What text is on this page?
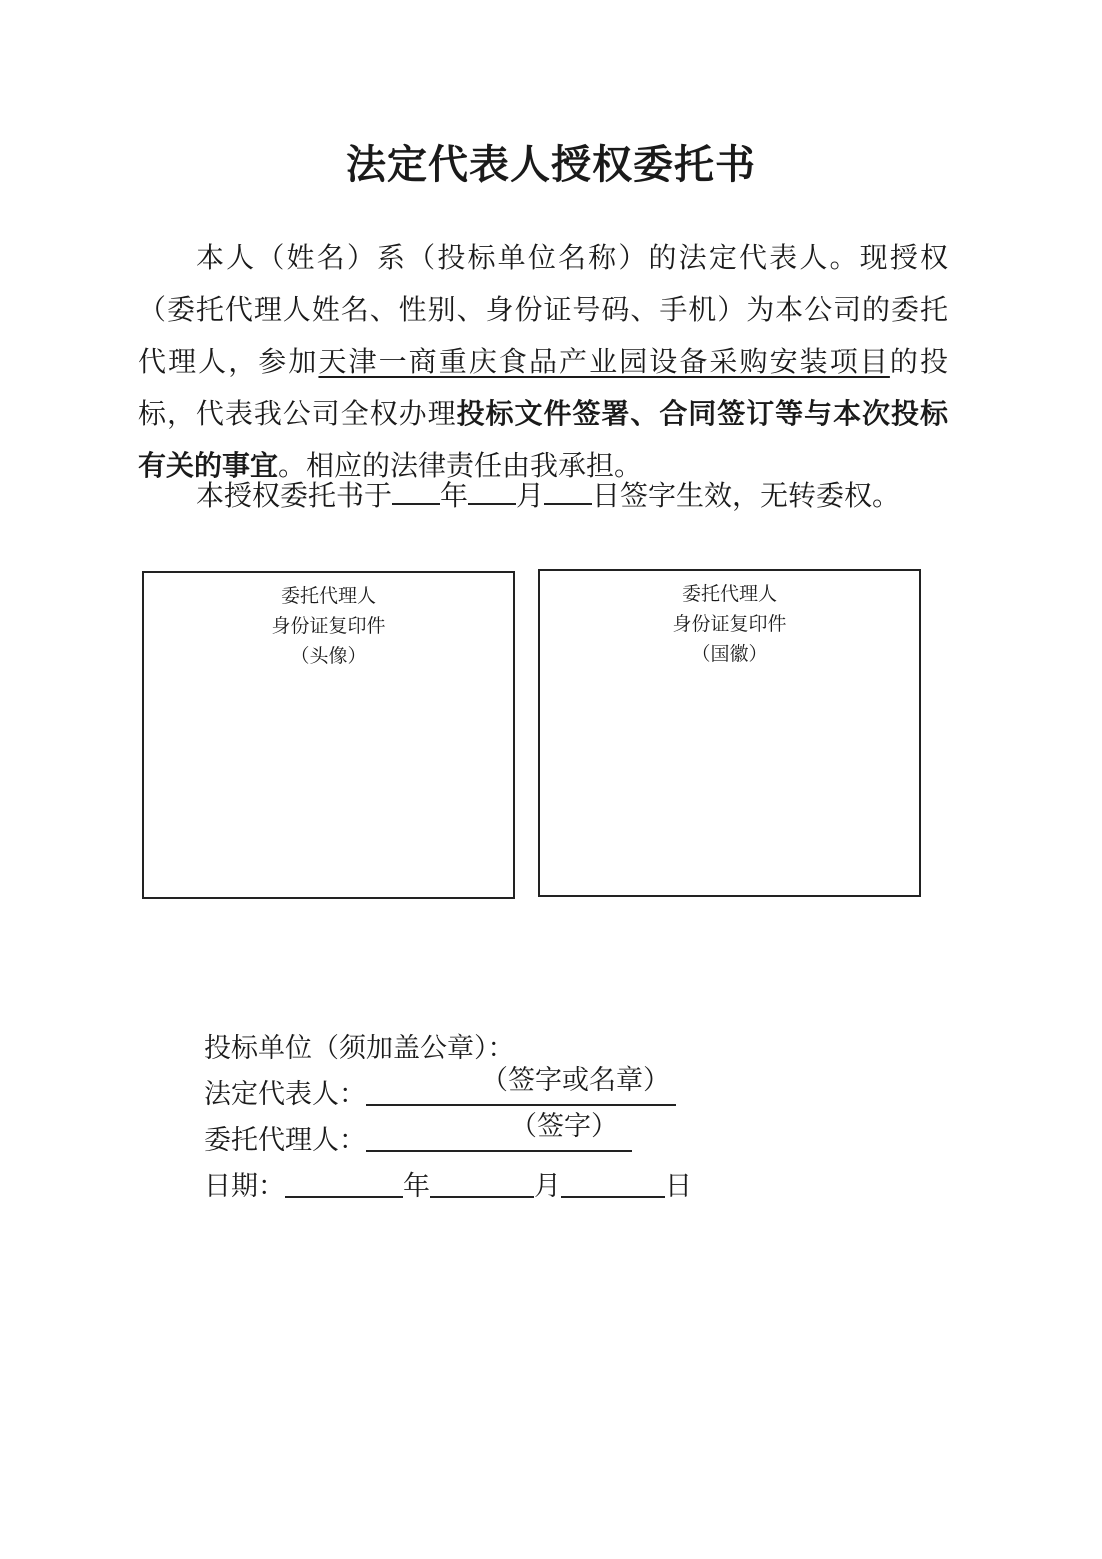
法定代表人授权委托书
本人（姓名）系（投标单位名称）的法定代表人。现授权（委托代理人姓名、性别、身份证号码、手机）为本公司的委托代理人，参加天津一商重庆食品产业园设备采购安装项目的投标，代表我公司全权办理投标文件签署、合同签订等与本次投标有关的事宜。相应的法律责任由我承担。
本授权委托书于 年 月 日签字生效，无转委权。
委托代理人
身份证复印件
（头像）
委托代理人
身份证复印件
（国徽）
投标单位（须加盖公章）：
法定代表人：	（签字或名章）
委托代理人：	（签字）
日期：	年	月	日
